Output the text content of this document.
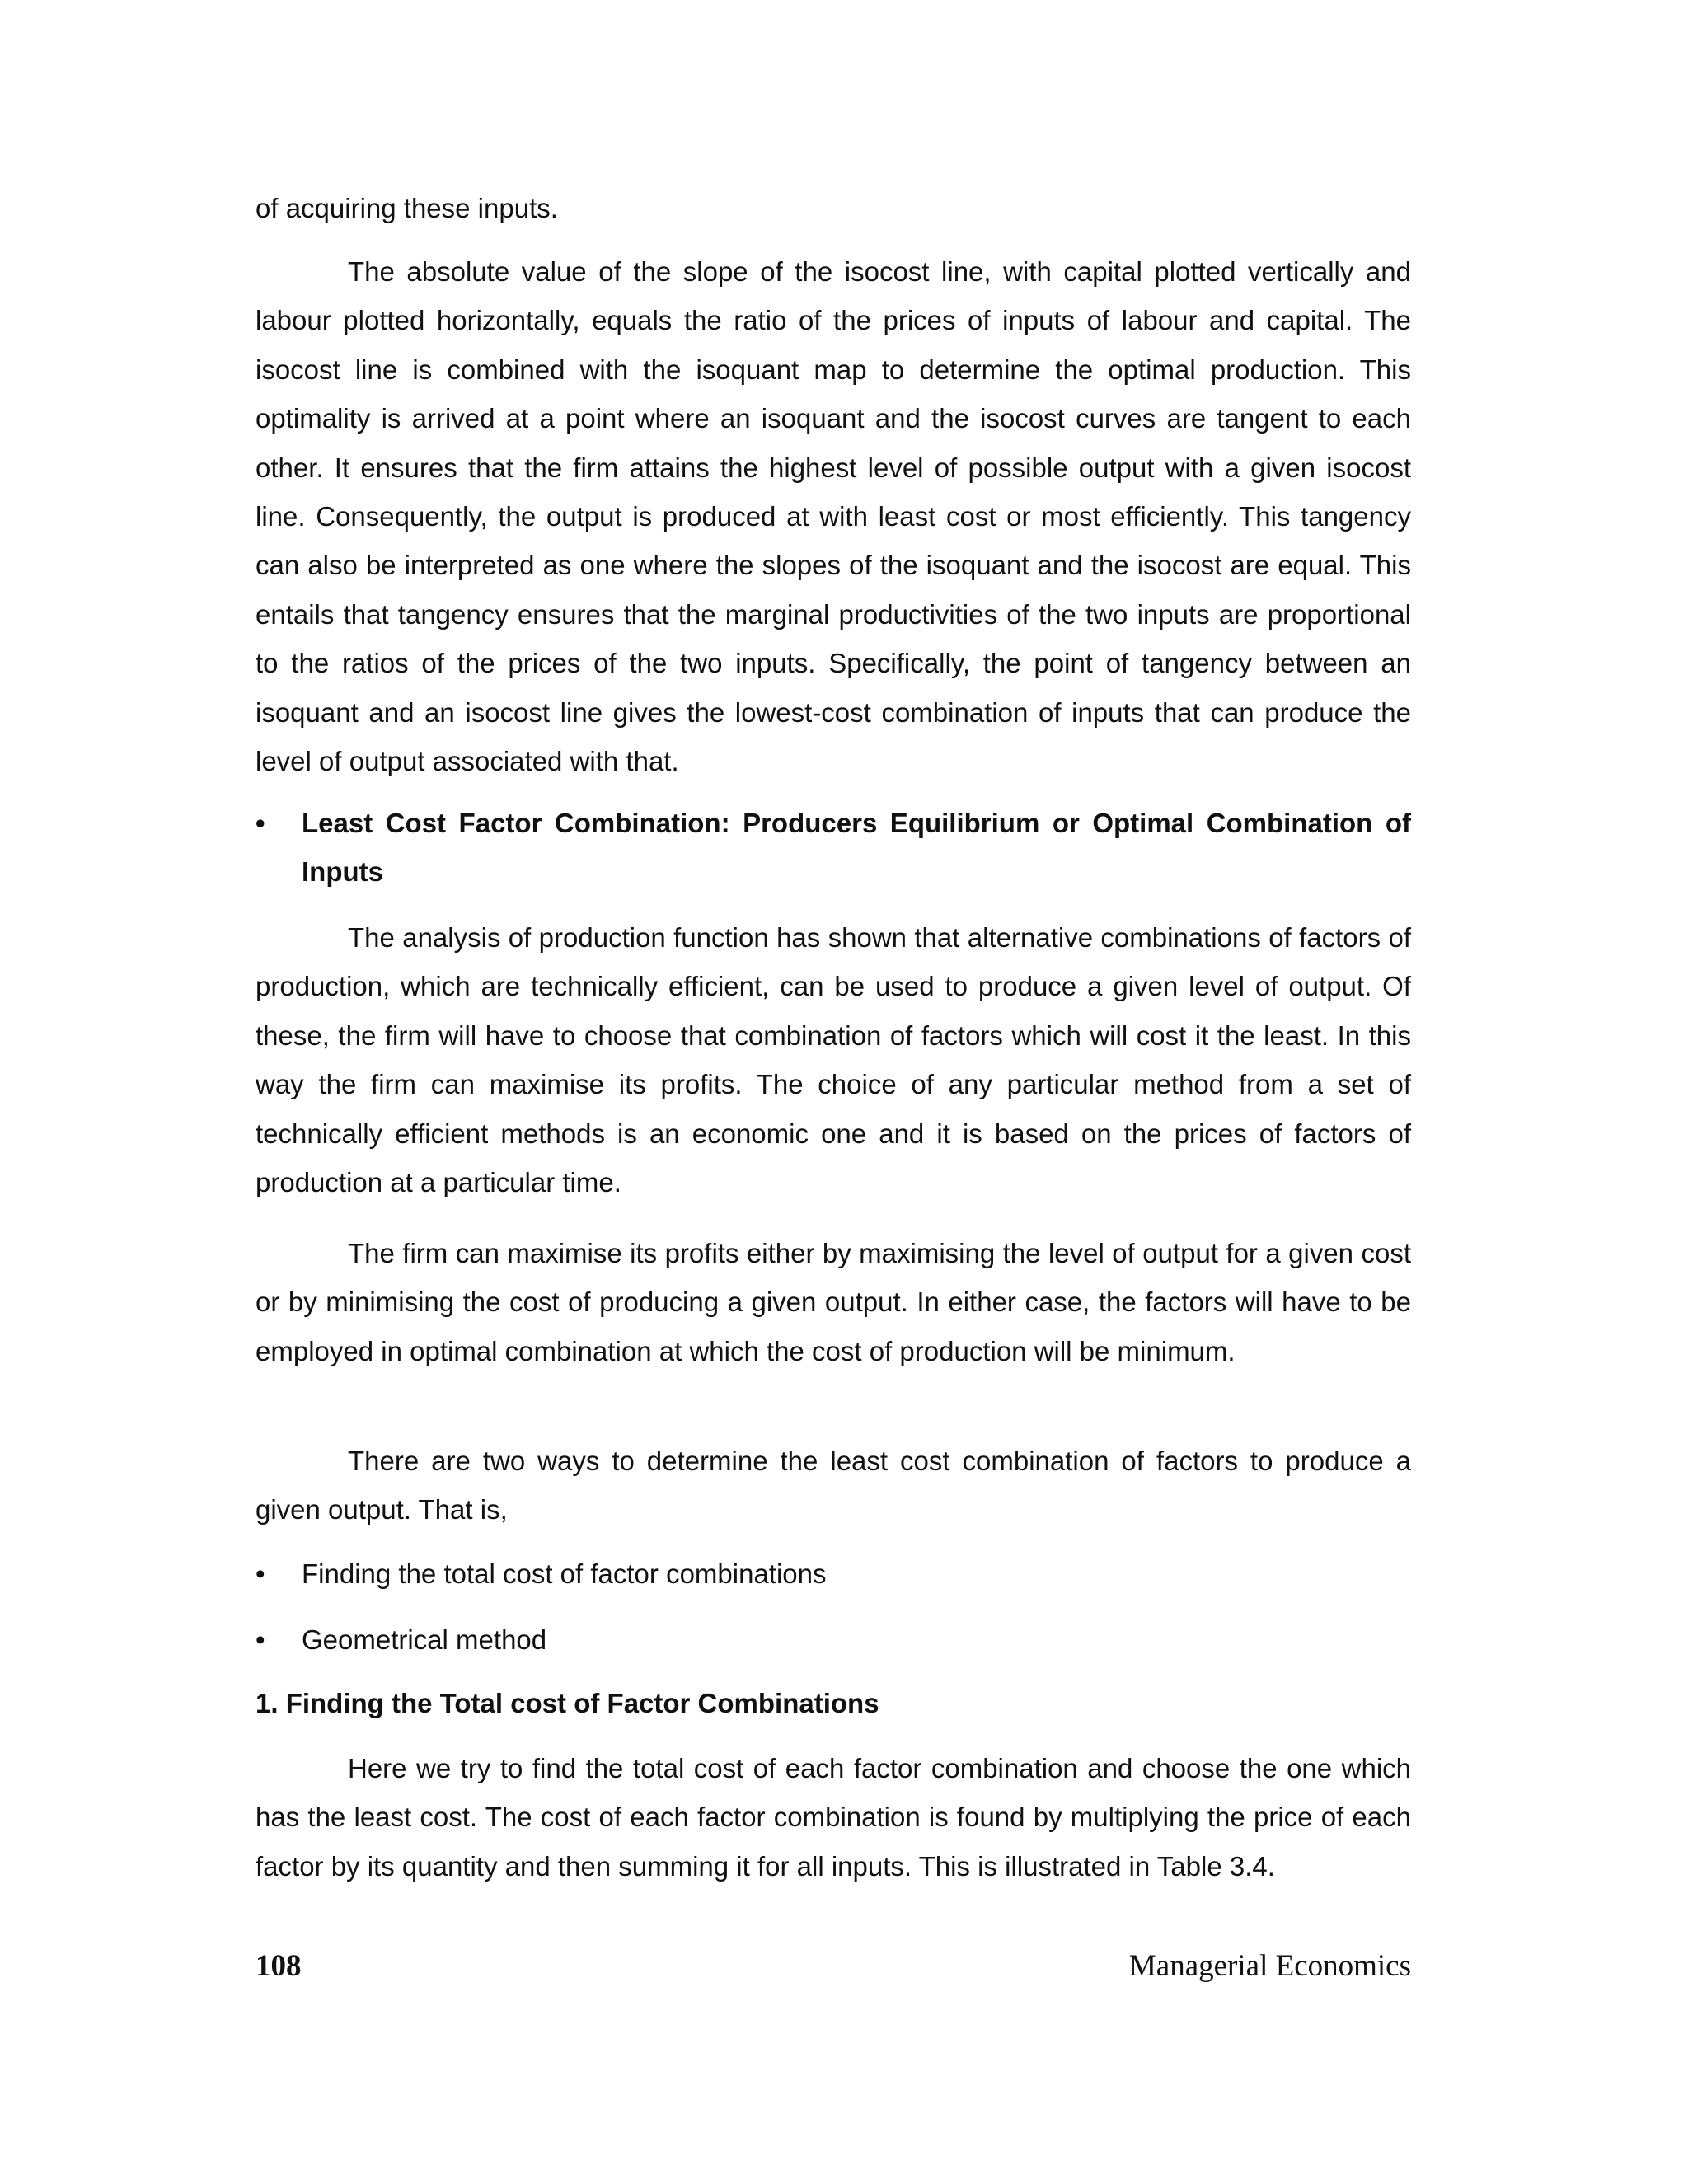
of acquiring these inputs.

The absolute value of the slope of the isocost line, with capital plotted vertically and labour plotted horizontally, equals the ratio of the prices of inputs of labour and capital. The isocost line is combined with the isoquant map to determine the optimal production. This optimality is arrived at a point where an isoquant and the isocost curves are tangent to each other. It ensures that the firm attains the highest level of possible output with a given isocost line. Consequently, the output is produced at with least cost or most efficiently. This tangency can also be interpreted as one where the slopes of the isoquant and the isocost are equal. This entails that tangency ensures that the marginal productivities of the two inputs are proportional to the ratios of the prices of the two inputs. Specifically, the point of tangency between an isoquant and an isocost line gives the lowest-cost combination of inputs that can produce the level of output associated with that.

•	Least Cost Factor Combination: Producers Equilibrium or Optimal Combination of Inputs

The analysis of production function has shown that alternative combinations of factors of production, which are technically efficient, can be used to produce a given level of output. Of these, the firm will have to choose that combination of factors which will cost it the least. In this way the firm can maximise its profits. The choice of any particular method from a set of technically efficient methods is an economic one and it is based on the prices of factors of production at a particular time.

The firm can maximise its profits either by maximising the level of output for a given cost or by minimising the cost of producing a given output. In either case, the factors will have to be employed in optimal combination at which the cost of production will be minimum.

There are two ways to determine the least cost combination of factors to produce a given output. That is,

•	Finding the total cost of factor combinations
•	Geometrical method

1. Finding the Total cost of Factor Combinations

Here we try to find the total cost of each factor combination and choose the one which has the least cost. The cost of each factor combination is found by multiplying the price of each factor by its quantity and then summing it for all inputs. This is illustrated in Table 3.4.

108	Managerial Economics
